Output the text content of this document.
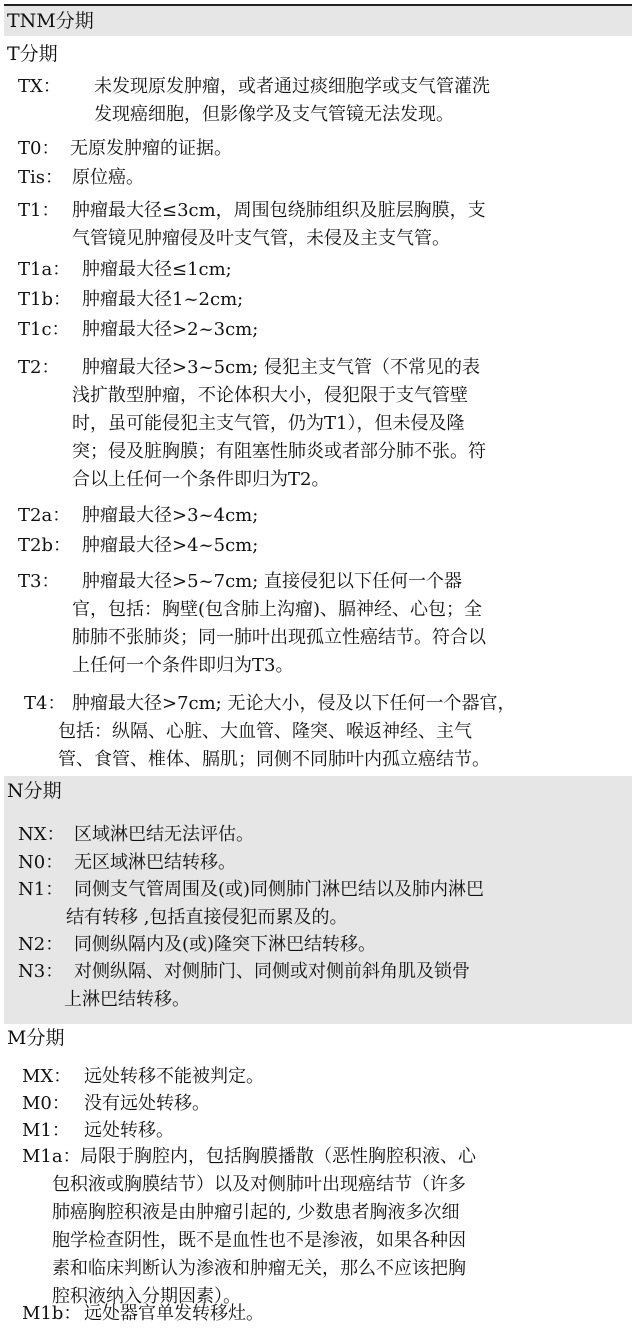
TNM分期
T分期
N分期
M分期
TX： 未发现原发肿瘤，或者通过痰细胞学或支气管灌洗
发现癌细胞，但影像学及支气管镜无法发现。
T0： 无原发肿瘤的证据。
Tis： 原位癌。
T1： 肿瘤最大径≤3cm，周围包绕肺组织及脏层胸膜，支
气管镜见肿瘤侵及叶支气管，未侵及主支气管。
T1a： 肿瘤最大径≤1cm;
T1b： 肿瘤最大径1~2cm;
T1c： 肿瘤最大径>2~3cm;
T2： 肿瘤最大径>3~5cm; 侵犯主支气管（不常见的表
浅扩散型肿瘤，不论体积大小，侵犯限于支气管壁
时，虽可能侵犯主支气管，仍为T1），但未侵及隆
突；侵及脏胸膜；有阻塞性肺炎或者部分肺不张。符
合以上任何一个条件即归为T2。
T2a： 肿瘤最大径>3~4cm;
T2b： 肿瘤最大径>4~5cm;
T3： 肿瘤最大径>5~7cm; 直接侵犯以下任何一个器
官，包括：胸壁(包含肺上沟瘤)、膈神经、心包；全
肺肺不张肺炎；同一肺叶出现孤立性癌结节。符合以
上任何一个条件即归为T3。
T4： 肿瘤最大径>7cm; 无论大小，侵及以下任何一个器官，
包括：纵隔、心脏、大血管、隆突、喉返神经、主气
管、食管、椎体、膈肌；同侧不同肺叶内孤立癌结节。
NX： 区域淋巴结无法评估。
N0： 无区域淋巴结转移。
N1： 同侧支气管周围及(或)同侧肺门淋巴结以及肺内淋巴
结有转移 ,包括直接侵犯而累及的。
N2： 同侧纵隔内及(或)隆突下淋巴结转移。
N3： 对侧纵隔、对侧肺门、同侧或对侧前斜角肌及锁骨
上淋巴结转移。
MX： 远处转移不能被判定。
M0： 没有远处转移。
M1： 远处转移。
M1a： 局限于胸腔内，包括胸膜播散（恶性胸腔积液、心
包积液或胸膜结节）以及对侧肺叶出现癌结节（许多
肺癌胸腔积液是由肿瘤引起的, 少数患者胸液多次细
胞学检查阴性，既不是血性也不是渗液，如果各种因
素和临床判断认为渗液和肿瘤无关，那么不应该把胸
腔积液纳入分期因素）。
M1b： 远处器官单发转移灶。
